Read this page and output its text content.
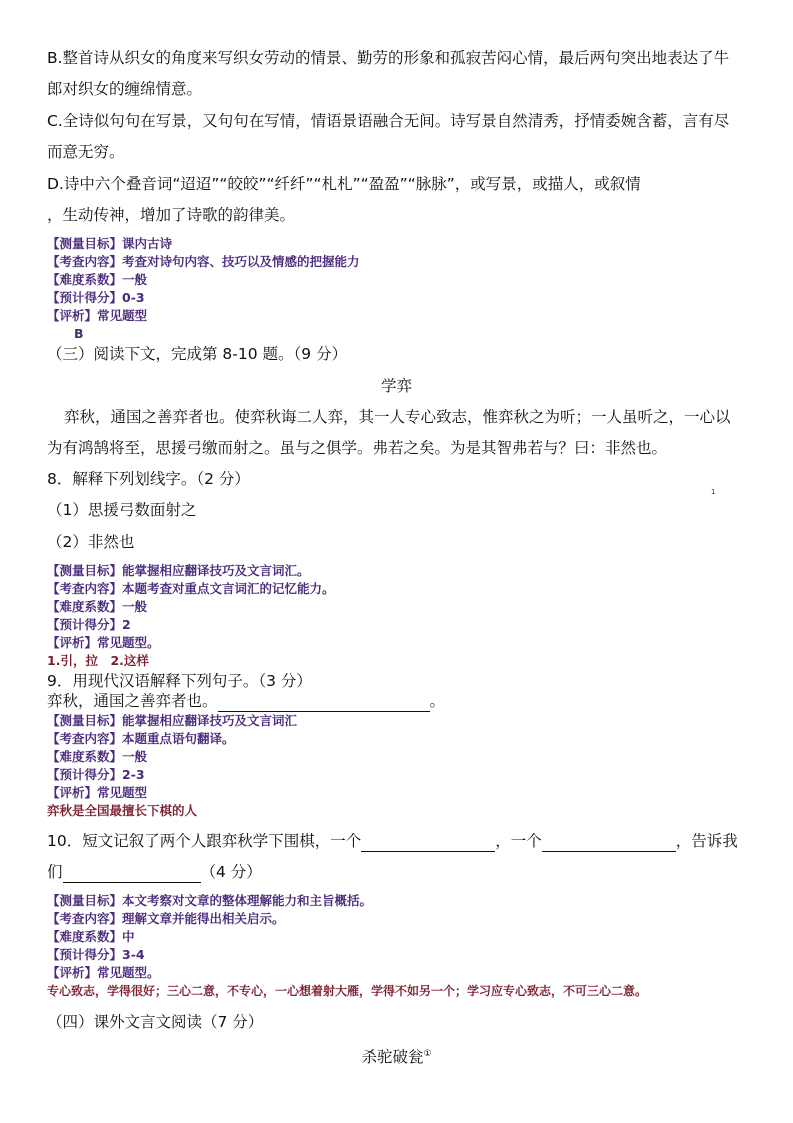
B.整首诗从织女的角度来写织女劳动的情景、勤劳的形象和孤寂苦闷心情，最后两句突出地表达了牛
郎对织女的缠绵情意。
C.全诗似句句在写景，又句句在写情，情语景语融合无间。诗写景自然清秀，抒情委婉含蓄，言有尽
而意无穷。
D.诗中六个叠音词“迢迢”“皎皎”“纤纤”“札札”“盈盈”“脉脉”，或写景，或描人，或叙情
，生动传神，增加了诗歌的韵律美。
【测量目标】课内古诗
【考查内容】考查对诗句内容、技巧以及情感的把握能力
【难度系数】一般
【预计得分】0-3
【评析】常见题型
B
（三）阅读下文，完成第 8-10 题。（9 分）
学弈
弈秋，通国之善弈者也。使弈秋诲二人弈，其一人专心致志，惟弈秋之为听；一人虽听之，一心以
为有鸿鹄将至，思援弓缴而射之。虽与之俱学。弗若之矣。为是其智弗若与？曰：非然也。
8．解释下列划线字。（2 分）
1
（1）思援弓数面射之
（2）非然也
【测量目标】能掌握相应翻译技巧及文言词汇。
【考查内容】本题考查对重点文言词汇的记忆能力。
【难度系数】一般
【预计得分】2
【评析】常见题型。
1.引，拉　2.这样
9．用现代汉语解释下列句子。（3 分）
弈秋，通国之善弈者也。	。
【测量目标】能掌握相应翻译技巧及文言词汇
【考查内容】本题重点语句翻译。
【难度系数】一般
【预计得分】2-3
【评析】常见题型
弈秋是全国最擅长下棋的人
10．短文记叙了两个人跟弈秋学下围棋，一个	，一个	，告诉我
们	（4 分）
【测量目标】本文考察对文章的整体理解能力和主旨概括。
【考查内容】理解文章并能得出相关启示。
【难度系数】中
【预计得分】3-4
【评析】常见题型。
专心致志，学得很好；三心二意，不专心，一心想着射大雁，学得不如另一个；学习应专心致志，不可三心二意。
（四）课外文言文阅读（7 分）
杀驼破瓮①
